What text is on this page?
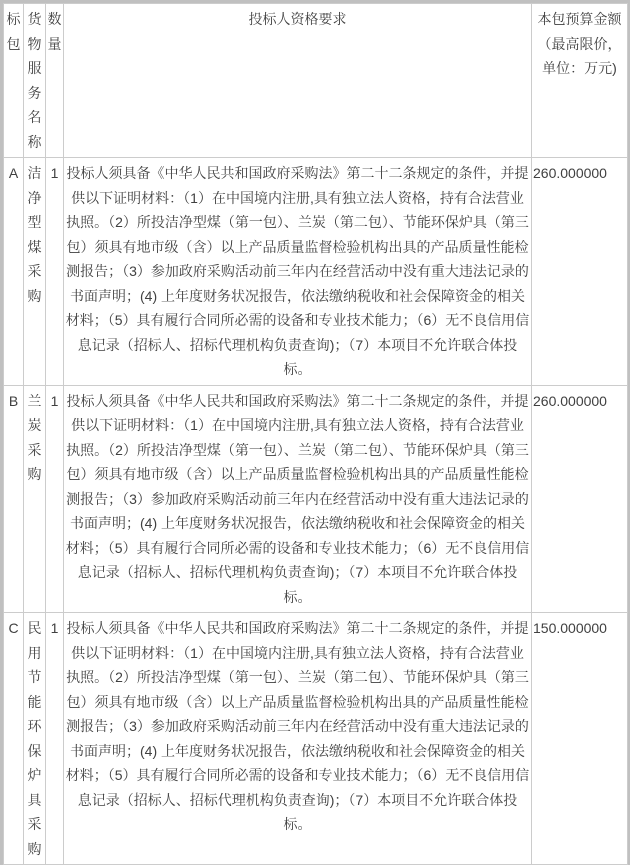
标包	货物服务名称	数量	投标人资格要求	本包预算金额（最高限价，单位：万元)
A	洁净型煤采购	1	投标人须具备《中华人民共和国政府采购法》第二十二条规定的条件，并提供以下证明材料：（1）在中国境内注册,具有独立法人资格，持有合法营业执照。（2）所投洁净型煤（第一包）、兰炭（第二包）、节能环保炉具（第三包）须具有地市级（含）以上产品质量监督检验机构出具的产品质量性能检测报告；（3）参加政府采购活动前三年内在经营活动中没有重大违法记录的书面声明；(4) 上年度财务状况报告，依法缴纳税收和社会保障资金的相关材料；（5）具有履行合同所必需的设备和专业技术能力；（6）无不良信用信息记录（招标人、招标代理机构负责查询)；（7）本项目不允许联合体投标。	260.000000
B	兰炭采购	1	投标人须具备《中华人民共和国政府采购法》第二十二条规定的条件，并提供以下证明材料：（1）在中国境内注册,具有独立法人资格，持有合法营业执照。（2）所投洁净型煤（第一包）、兰炭（第二包）、节能环保炉具（第三包）须具有地市级（含）以上产品质量监督检验机构出具的产品质量性能检测报告；（3）参加政府采购活动前三年内在经营活动中没有重大违法记录的书面声明；(4) 上年度财务状况报告，依法缴纳税收和社会保障资金的相关材料；（5）具有履行合同所必需的设备和专业技术能力；（6）无不良信用信息记录（招标人、招标代理机构负责查询)；（7）本项目不允许联合体投标。	260.000000
C	民用节能环保炉具采购	1	投标人须具备《中华人民共和国政府采购法》第二十二条规定的条件，并提供以下证明材料：（1）在中国境内注册,具有独立法人资格，持有合法营业执照。（2）所投洁净型煤（第一包）、兰炭（第二包）、节能环保炉具（第三包）须具有地市级（含）以上产品质量监督检验机构出具的产品质量性能检测报告；（3）参加政府采购活动前三年内在经营活动中没有重大违法记录的书面声明；(4) 上年度财务状况报告，依法缴纳税收和社会保障资金的相关材料；（5）具有履行合同所必需的设备和专业技术能力；（6）无不良信用信息记录（招标人、招标代理机构负责查询)；（7）本项目不允许联合体投标。	150.000000
